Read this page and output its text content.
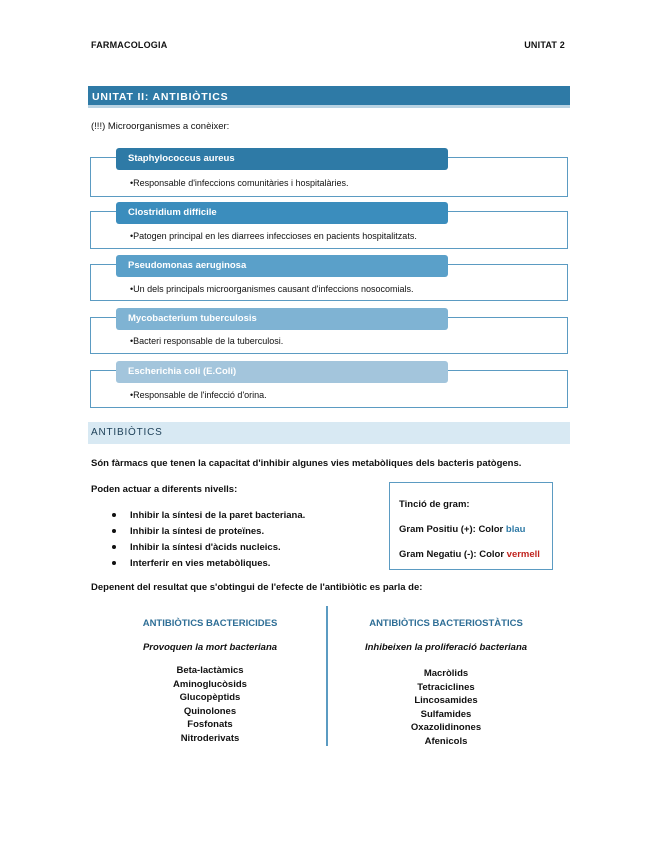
FARMACOLOGIA	UNITAT 2
UNITAT II: ANTIBIÒTICS
(!!!) Microorganismes a conèixer:
Staphylococcus aureus
•Responsable d'infeccions comunitàries i hospitalàries.
Clostridium difficile
•Patogen principal en les diarrees infeccioses en pacients hospitalitzats.
Pseudomonas aeruginosa
•Un dels principals microorganismes causant d'infeccions nosocomials.
Mycobacterium tuberculosis
•Bacteri responsable de la tuberculosi.
Escherichia coli (E.Coli)
•Responsable de l'infecció d'orina.
ANTIBIÒTICS
Són fàrmacs que tenen la capacitat d'inhibir algunes vies metabòliques dels bacteris patògens.
Poden actuar a diferents nivells:
Inhibir la síntesi de la paret bacteriana.
Inhibir la síntesi de proteïnes.
Inhibir la síntesi d'àcids nucleics.
Interferir en vies metabòliques.
Tinció de gram:
Gram Positiu (+): Color blau
Gram Negatiu (-): Color vermell
Depenent del resultat que s'obtingui de l'efecte de l'antibiòtic es parla de:
ANTIBIÒTICS BACTERICIDES
Provoquen la mort bacteriana
Beta-lactàmics
Aminoglucòsids
Glucopèptids
Quinolones
Fosfonats
Nitroderivats
ANTIBIÒTICS BACTERIOSTÀTICS
Inhibeixen la proliferació bacteriana
Macròlids
Tetraciclines
Lincosamides
Sulfamides
Oxazolidinones
Afenicols
